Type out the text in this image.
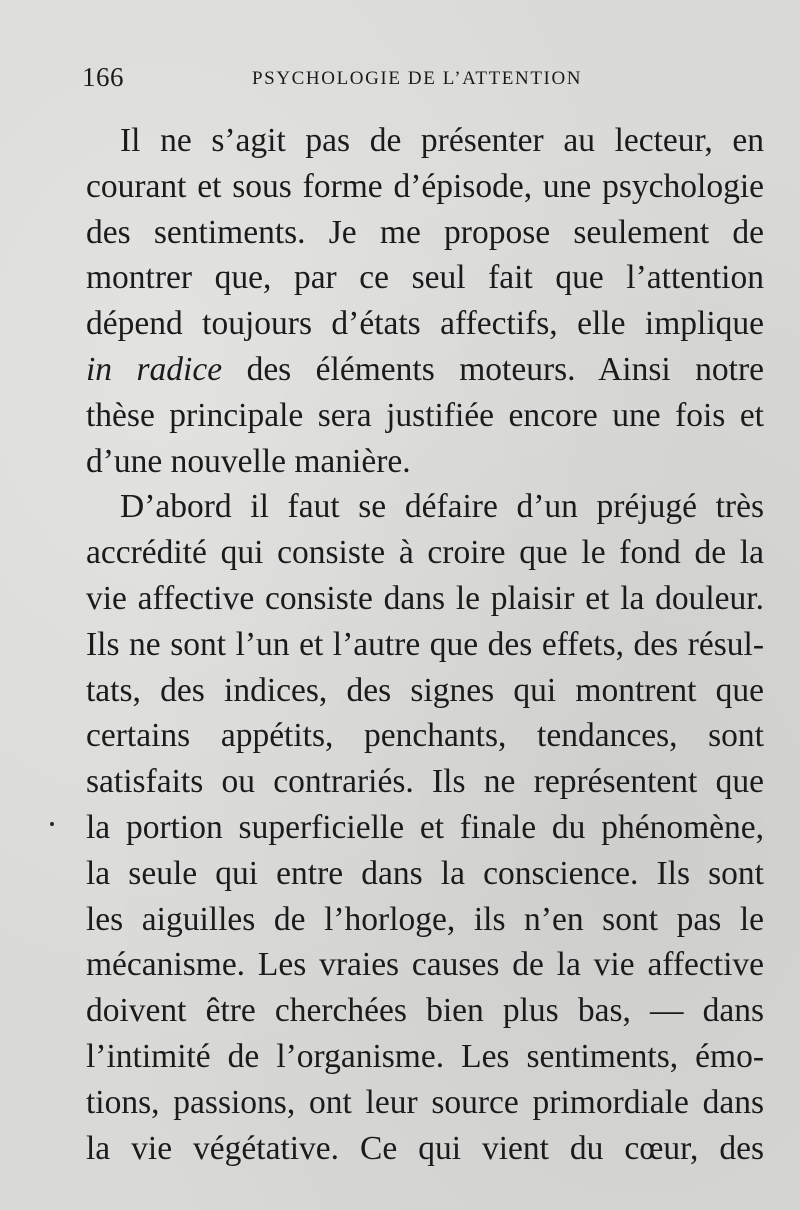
166	PSYCHOLOGIE DE L’ATTENTION
Il ne s’agit pas de présenter au lecteur, en
courant et sous forme d’épisode, une psychologie
des sentiments. Je me propose seulement de
montrer que, par ce seul fait que l’attention
dépend toujours d’états affectifs, elle implique
in radice des éléments moteurs. Ainsi notre
thèse principale sera justifiée encore une fois et
d’une nouvelle manière.
D’abord il faut se défaire d’un préjugé très
accrédité qui consiste à croire que le fond de la
vie affective consiste dans le plaisir et la douleur.
Ils ne sont l’un et l’autre que des effets, des résul-
tats, des indices, des signes qui montrent que
certains appétits, penchants, tendances, sont
satisfaits ou contrariés. Ils ne représentent que
la portion superficielle et finale du phénomène,
la seule qui entre dans la conscience. Ils sont
les aiguilles de l’horloge, ils n’en sont pas le
mécanisme. Les vraies causes de la vie affective
doivent être cherchées bien plus bas, — dans
l’intimité de l’organisme. Les sentiments, émo-
tions, passions, ont leur source primordiale dans
la vie végétative. Ce qui vient du cœur, des
